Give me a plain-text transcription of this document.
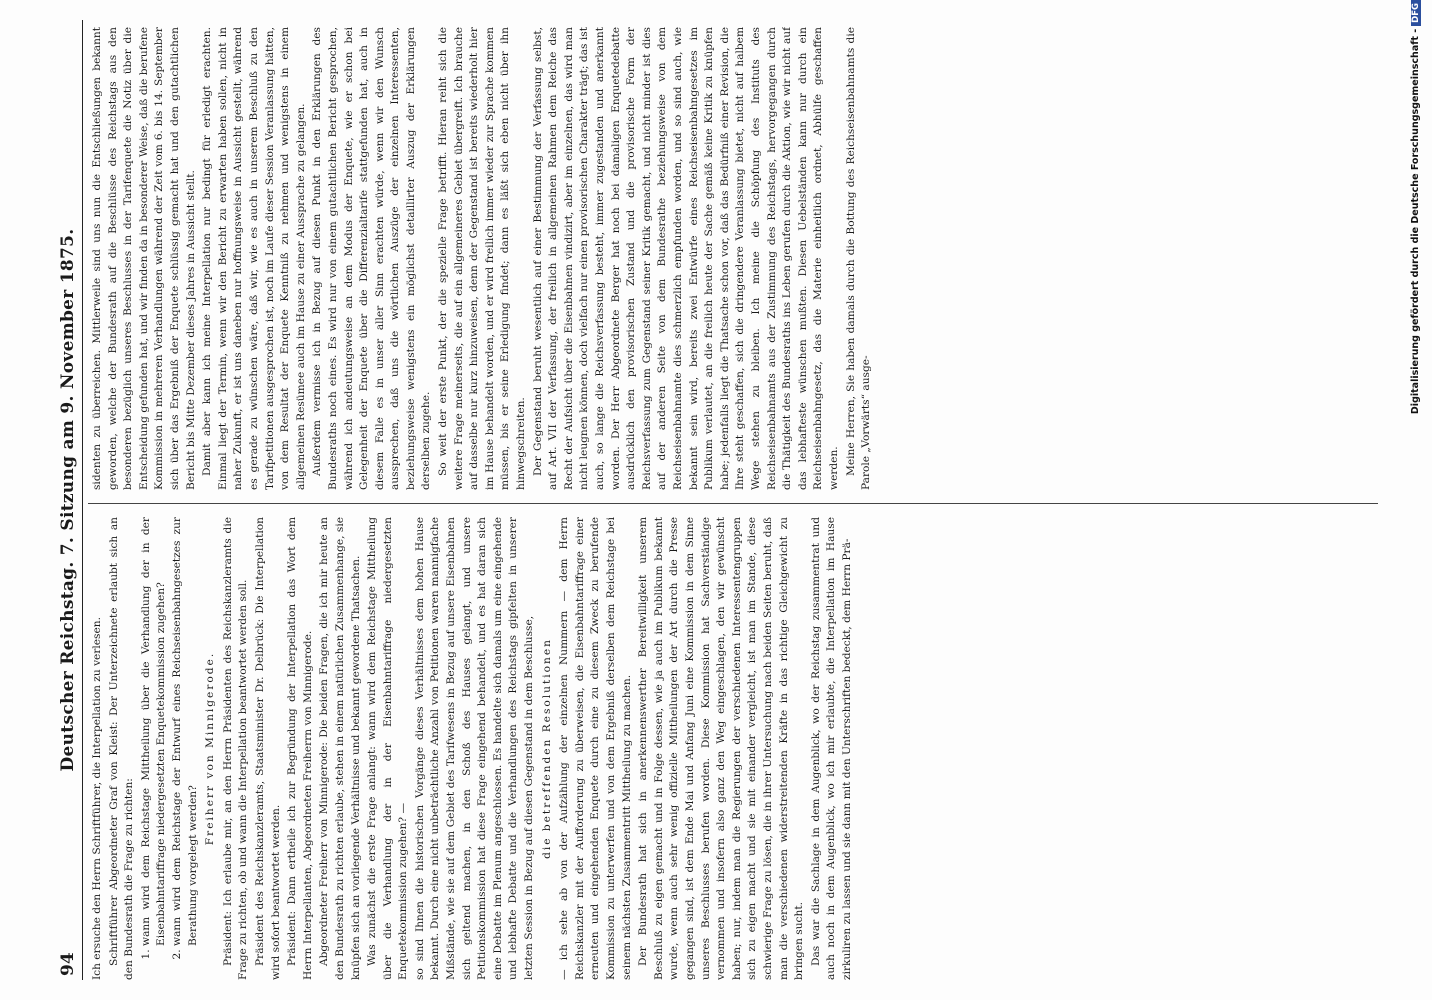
94
Deutscher Reichstag. 7. Sitzung am 9. November 1875.

Ich ersuche den Herrn Schriftführer, die Interpellation zu verlesen. Schriftführer Abgeordneter Graf von Kleist: Der Unterzeichnete erlaubt sich an den Bundesrath die Frage zu richten: 1. wann wird dem Reichstage Mittheilung über die Verhandlung der in der Eisenbahntariffrage niedergesetzten Enquetekommission zugehen? 2. wann wird dem Reichstage der Entwurf eines Reichseisenbahngesetzes zur Berathung vorgelegt werden?

Freiherr von Minnigerode. Präsident: Ich erlaube mir, an den Herrn Präsidenten des Reichskanzleramts die Frage zu richten, ob und wann die Interpellation beantwortet werden soll. Präsident des Reichskanzleramts, Staatsminister Dr. Delbrück: Die Interpellation wird sofort beantwortet werden. Präsident: Dann ertheile ich zur Begründung der Interpellation das Wort dem Herrn Interpellanten, Abgeordneten Freiherrn von Minnigerode. Abgeordneter Freiherr von Minnigerode: Die beiden Fragen, die ich mir heute an den Bundesrath zu richten erlaube, stehen in einem natürlichen Zusammenhange, sie knüpfen sich an vorliegende Verhältnisse und bekannt gewordene Thatsachen. Was zunächst die erste Frage anlangt: wann wird dem Reichstage Mittheilung über die Verhandlung der in der Eisenbahntariffrage niedergesetzten Enquetekommission zugehen? — so sind Ihnen die historischen Vorgänge dieses Verhältnisses dem hohen Hause bekannt. Durch eine nicht unbeträchtliche Anzahl von Petitionen waren mannigfache Mißstände, wie sie auf dem Gebiet des Tarifwesens in Bezug auf unsere Eisenbahnen sich geltend machen, in den Schoß des Hauses gelangt, und unsere Petitionskommission hat diese Frage eingehend behandelt, und es hat daran sich eine Debatte im Plenum angeschlossen. Es handelte sich damals um eine eingehende und lebhafte Debatte und die Verhandlungen des Reichstags gipfelten in unserer letzten Session in Bezug auf diesen Gegenstand in dem Beschlusse, die betreffenden Resolutionen — ich sehe ab von der Aufzählung der einzelnen Nummern — dem Herrn Reichskanzler mit der Aufforderung zu überweisen, die Eisenbahntariffrage einer erneuten und eingehenden Enquete durch eine zu diesem Zweck zu berufende Kommission zu unterwerfen und von dem Ergebniß derselben dem Reichstage bei seinem nächsten Zusammentritt Mittheilung zu machen. Der Bundesrath hat sich in anerkennenswerther Bereitwilligkeit unserem Beschluß zu eigen gemacht und in Folge dessen, wie ja auch im Publikum bekannt wurde, wenn auch sehr wenig offizielle Mittheilungen der Art durch die Presse gegangen sind, ist dem Ende Mai und Anfang Juni eine Kommission in dem Sinne unseres Beschlusses berufen worden. Diese Kommission hat Sachverständige vernommen und insofern also ganz den Weg eingeschlagen, den wir gewünscht haben; nur, indem man die Regierungen der verschiedenen Interessentengruppen sich zu eigen macht und sie mit einander vergleicht, ist man im Stande, diese schwierige Frage zu lösen, die in ihrer Untersuchung nach beiden Seiten beruht, daß man die verschiedenen widerstreitenden Kräfte in das richtige Gleichgewicht zu bringen sucht. Das war die Sachlage in dem Augenblick, wo der Reichstag zusammentrat und auch noch in dem Augenblick, wo ich mir erlaubte, die Interpellation im Hause zirkuliren zu lassen und sie dann mit den Unterschriften bedeckt, dem Herrn Prä-

sidenten zu überreichen. Mittlerweile sind uns nun die Entschließungen bekannt geworden, welche der Bundesrath auf die Beschlüsse des Reichstags aus den besonderen bezüglich unseres Beschlusses in der Tarifenquete die Notiz über die Entscheidung gefunden hat, und wir finden da in besonderer Weise, daß die berufene Kommission in mehreren Verhandlungen während der Zeit vom 6. bis 14. September sich über das Ergebniß der Enquete schlüssig gemacht hat und den gutachtlichen Bericht bis Mitte Dezember dieses Jahres in Aussicht stellt. Damit aber kann ich meine Interpellation nur bedingt für erledigt erachten. Einmal liegt der Termin, wenn wir den Bericht zu erwarten haben sollen, nicht in naher Zukunft, er ist uns daneben nur hoffnungsweise in Aussicht gestellt, während es gerade zu wünschen wäre, daß wir, wie es auch in unserem Beschluß zu den Tarifpetitionen ausgesprochen ist, noch im Laufe dieser Session Veranlassung hätten, von dem Resultat der Enquete Kenntniß zu nehmen und wenigstens in einem allgemeinen Resümee auch im Hause zu einer Aussprache zu gelangen. Außerdem vermisse ich in Bezug auf diesen Punkt in den Erklärungen des Bundesraths noch eines. Es wird nur von einem gutachtlichen Bericht gesprochen, während ich andeutungsweise an dem Modus der Enquete, wie er schon bei Gelegenheit der Enquete über die Differenzialtarife stattgefunden hat, auch in diesem Falle es in unser aller Sinn erachten würde, wenn wir den Wunsch aussprechen, daß uns die wörtlichen Auszüge der einzelnen Interessenten, beziehungsweise wenigstens ein möglichst detaillirter Auszug der Erklärungen derselben zugehe. So weit der erste Punkt, der die spezielle Frage betrifft. Hieran reiht sich die weitere Frage meinerseits, die auf ein allgemeineres Gebiet übergreift. Ich brauche auf dasselbe nur kurz hinzuweisen, denn der Gegenstand ist bereits wiederholt hier im Hause behandelt worden, und er wird freilich immer wieder zur Sprache kommen müssen, bis er seine Erledigung findet; dann es läßt sich eben nicht über ihn hinwegschreiten. Der Gegenstand beruht wesentlich auf einer Bestimmung der Verfassung selbst, auf Art. VII der Verfassung, der freilich in allgemeinen Rahmen dem Reiche das Recht der Aufsicht über die Eisenbahnen vindizirt, aber im einzelnen, das wird man nicht leugnen können, doch vielfach nur einen provisorischen Charakter trägt; das ist auch, so lange die Reichsverfassung besteht, immer zugestanden und anerkannt worden. Der Herr Abgeordnete Berger hat noch bei damaligen Enquetedebatte ausdrücklich den provisorischen Zustand und die provisorische Form der Reichsverfassung zum Gegenstand seiner Kritik gemacht, und nicht minder ist dies auf der anderen Seite von dem Bundesrathe beziehungsweise von dem Reichseisenbahnamte dies schmerzlich empfunden worden, und so sind auch, wie bekannt sein wird, bereits zwei Entwürfe eines Reichseisenbahngesetzes im Publikum verlautet, an die freilich heute der Sache gemäß keine Kritik zu knüpfen habe; jedenfalls liegt die Thatsache schon vor, daß das Bedürfniß einer Revision, die Ihre steht geschaffen, sich die dringendere Veranlassung bietet, nicht auf halbem Wege stehen zu bleiben. Ich meine die Schöpfung des Instituts des Reichseisenbahnamts aus der Zustimmung des Reichstags, hervorgegangen durch die Thätigkeit des Bundesraths ins Leben gerufen durch die Aktion, wie wir nicht auf das lebhafteste wünschen mußten. Diesen Uebelständen kann nur durch ein Reichseisenbahngesetz, das die Materie einheitlich ordnet, Abhülfe geschaffen werden. Meine Herren, Sie haben damals durch die Bottung des Reichseisenbahnamts die Parole „Vorwärts“ ausge-

Digitalisierung gefördert durch die Deutsche Forschungsgemeinschaft -DFG
